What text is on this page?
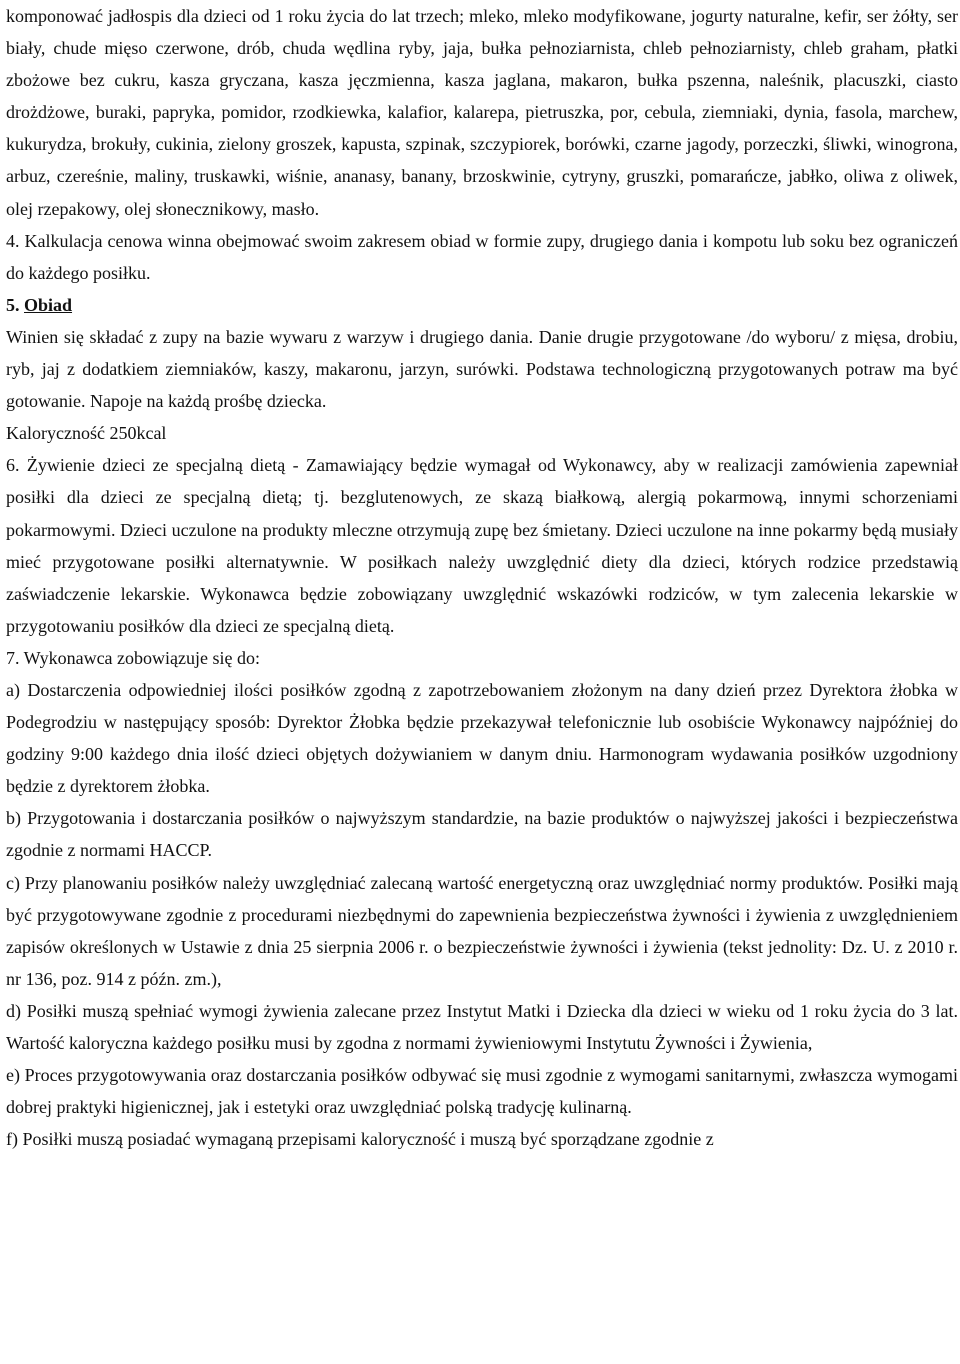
komponować jadłospis dla dzieci od 1 roku życia do lat trzech; mleko, mleko modyfikowane, jogurty naturalne, kefir, ser żółty, ser biały, chude mięso czerwone, drób, chuda wędlina ryby, jaja, bułka pełnoziarnista, chleb pełnoziarnisty, chleb graham, płatki zbożowe bez cukru, kasza gryczana, kasza jęczmienna, kasza jaglana, makaron, bułka pszenna, naleśnik, placuszki, ciasto drożdżowe, buraki, papryka, pomidor, rzodkiewka, kalafior, kalarepa, pietruszka, por, cebula, ziemniaki, dynia, fasola, marchew, kukurydza, brokuły, cukinia, zielony groszek, kapusta, szpinak, szczypiorek, borówki, czarne jagody, porzeczki, śliwki, winogrona, arbuz, czereśnie, maliny, truskawki, wiśnie, ananasy, banany, brzoskwinie, cytryny, gruszki, pomarańcze, jabłko, oliwa z oliwek, olej rzepakowy, olej słonecznikowy, masło.

4. Kalkulacja cenowa winna obejmować swoim zakresem obiad w formie zupy, drugiego dania i kompotu lub soku bez ograniczeń do każdego posiłku.

5. Obiad

Winien się składać z zupy na bazie wywaru z warzyw i drugiego dania. Danie drugie przygotowane /do wyboru/ z mięsa, drobiu, ryb, jaj z dodatkiem ziemniaków, kaszy, makaronu, jarzyn, surówki. Podstawa technologiczną przygotowanych potraw ma być gotowanie. Napoje na każdą prośbę dziecka.

Kaloryczność 250kcal

6. Żywienie dzieci ze specjalną dietą - Zamawiający będzie wymagał od Wykonawcy, aby w realizacji zamówienia zapewniał posiłki dla dzieci ze specjalną dietą; tj. bezglutenowych, ze skazą białkową, alergią pokarmową, innymi schorzeniami pokarmowymi. Dzieci uczulone na produkty mleczne otrzymują zupę bez śmietany. Dzieci uczulone na inne pokarmy będą musiały mieć przygotowane posiłki alternatywnie. W posiłkach należy uwzględnić diety dla dzieci, których rodzice przedstawią zaświadczenie lekarskie. Wykonawca będzie zobowiązany uwzględnić wskazówki rodziców, w tym zalecenia lekarskie w przygotowaniu posiłków dla dzieci ze specjalną dietą.

7. Wykonawca zobowiązuje się do:

a) Dostarczenia odpowiedniej ilości posiłków zgodną z zapotrzebowaniem złożonym na dany dzień przez Dyrektora żłobka w Podegrodziu w następujący sposób: Dyrektor Żłobka będzie przekazywał telefonicznie lub osobiście Wykonawcy najpóźniej do godziny 9:00 każdego dnia ilość dzieci objętych dożywianiem w danym dniu. Harmonogram wydawania posiłków uzgodniony będzie z dyrektorem żłobka.

b) Przygotowania i dostarczania posiłków o najwyższym standardzie, na bazie produktów o najwyższej jakości i bezpieczeństwa zgodnie z normami HACCP.

c) Przy planowaniu posiłków należy uwzględniać zalecaną wartość energetyczną oraz uwzględniać normy produktów. Posiłki mają być przygotowywane zgodnie z procedurami niezbędnymi do zapewnienia bezpieczeństwa żywności i żywienia z uwzględnieniem zapisów określonych w Ustawie z dnia 25 sierpnia 2006 r. o bezpieczeństwie żywności i żywienia (tekst jednolity: Dz. U. z 2010 r. nr 136, poz. 914 z późn. zm.),

d) Posiłki muszą spełniać wymogi żywienia zalecane przez Instytut Matki i Dziecka dla dzieci w wieku od 1 roku życia do 3 lat. Wartość kaloryczna każdego posiłku musi by zgodna z normami żywieniowymi Instytutu Żywności i Żywienia,

e) Proces przygotowywania oraz dostarczania posiłków odbywać się musi zgodnie z wymogami sanitarnymi, zwłaszcza wymogami dobrej praktyki higienicznej, jak i estetyki oraz uwzględniać polską tradycję kulinarną.

f) Posiłki muszą posiadać wymaganą przepisami kaloryczność i muszą być sporządzane zgodnie z
